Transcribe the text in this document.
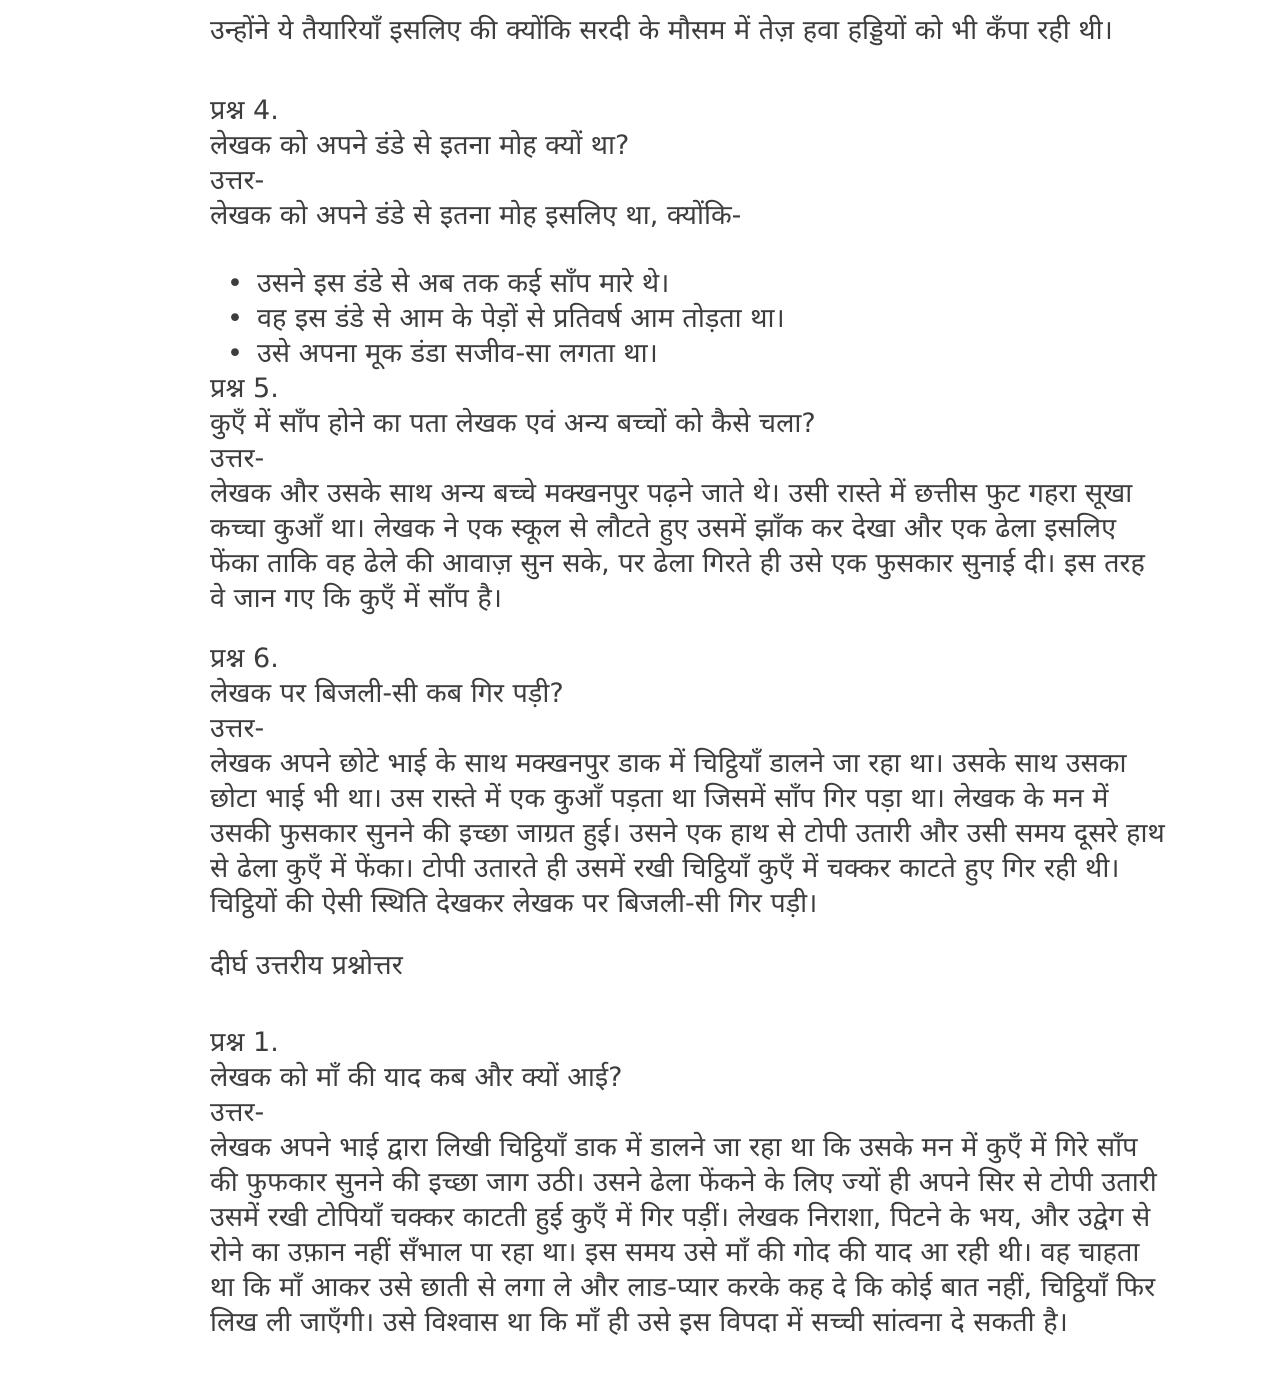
उन्होंने ये तैयारियाँ इसलिए की क्योंकि सरदी के मौसम में तेज़ हवा हड्डियों को भी कँपा रही थी।
प्रश्न 4.
लेखक को अपने डंडे से इतना मोह क्यों था?
उत्तर-
लेखक को अपने डंडे से इतना मोह इसलिए था, क्योंकि-
• उसने इस डंडे से अब तक कई साँप मारे थे।
• वह इस डंडे से आम के पेड़ों से प्रतिवर्ष आम तोड़ता था।
• उसे अपना मूक डंडा सजीव-सा लगता था।
प्रश्न 5.
कुएँ में साँप होने का पता लेखक एवं अन्य बच्चों को कैसे चला?
उत्तर-
लेखक और उसके साथ अन्य बच्चे मक्खनपुर पढ़ने जाते थे। उसी रास्ते में छत्तीस फुट गहरा सूखा कच्चा कुआँ था। लेखक ने एक स्कूल से लौटते हुए उसमें झाँक कर देखा और एक ढेला इसलिए फेंका ताकि वह ढेले की आवाज़ सुन सके, पर ढेला गिरते ही उसे एक फुसकार सुनाई दी। इस तरह वे जान गए कि कुएँ में साँप है।
प्रश्न 6.
लेखक पर बिजली-सी कब गिर पड़ी?
उत्तर-
लेखक अपने छोटे भाई के साथ मक्खनपुर डाक में चिट्ठियाँ डालने जा रहा था। उसके साथ उसका छोटा भाई भी था। उस रास्ते में एक कुआँ पड़ता था जिसमें साँप गिर पड़ा था। लेखक के मन में उसकी फुसकार सुनने की इच्छा जाग्रत हुई। उसने एक हाथ से टोपी उतारी और उसी समय दूसरे हाथ से ढेला कुएँ में फेंका। टोपी उतारते ही उसमें रखी चिट्ठियाँ कुएँ में चक्कर काटते हुए गिर रही थी। चिट्ठियों की ऐसी स्थिति देखकर लेखक पर बिजली-सी गिर पड़ी।
दीर्घ उत्तरीय प्रश्नोत्तर
प्रश्न 1.
लेखक को माँ की याद कब और क्यों आई?
उत्तर-
लेखक अपने भाई द्वारा लिखी चिट्ठियाँ डाक में डालने जा रहा था कि उसके मन में कुएँ में गिरे साँप की फुफकार सुनने की इच्छा जाग उठी। उसने ढेला फेंकने के लिए ज्यों ही अपने सिर से टोपी उतारी उसमें रखी टोपियाँ चक्कर काटती हुई कुएँ में गिर पड़ीं। लेखक निराशा, पिटने के भय, और उद्वेग से रोने का उफ़ान नहीं सँभाल पा रहा था। इस समय उसे माँ की गोद की याद आ रही थी। वह चाहता था कि माँ आकर उसे छाती से लगा ले और लाड-प्यार करके कह दे कि कोई बात नहीं, चिट्ठियाँ फिर लिख ली जाएँगी। उसे विश्वास था कि माँ ही उसे इस विपदा में सच्ची सांत्वना दे सकती है।
